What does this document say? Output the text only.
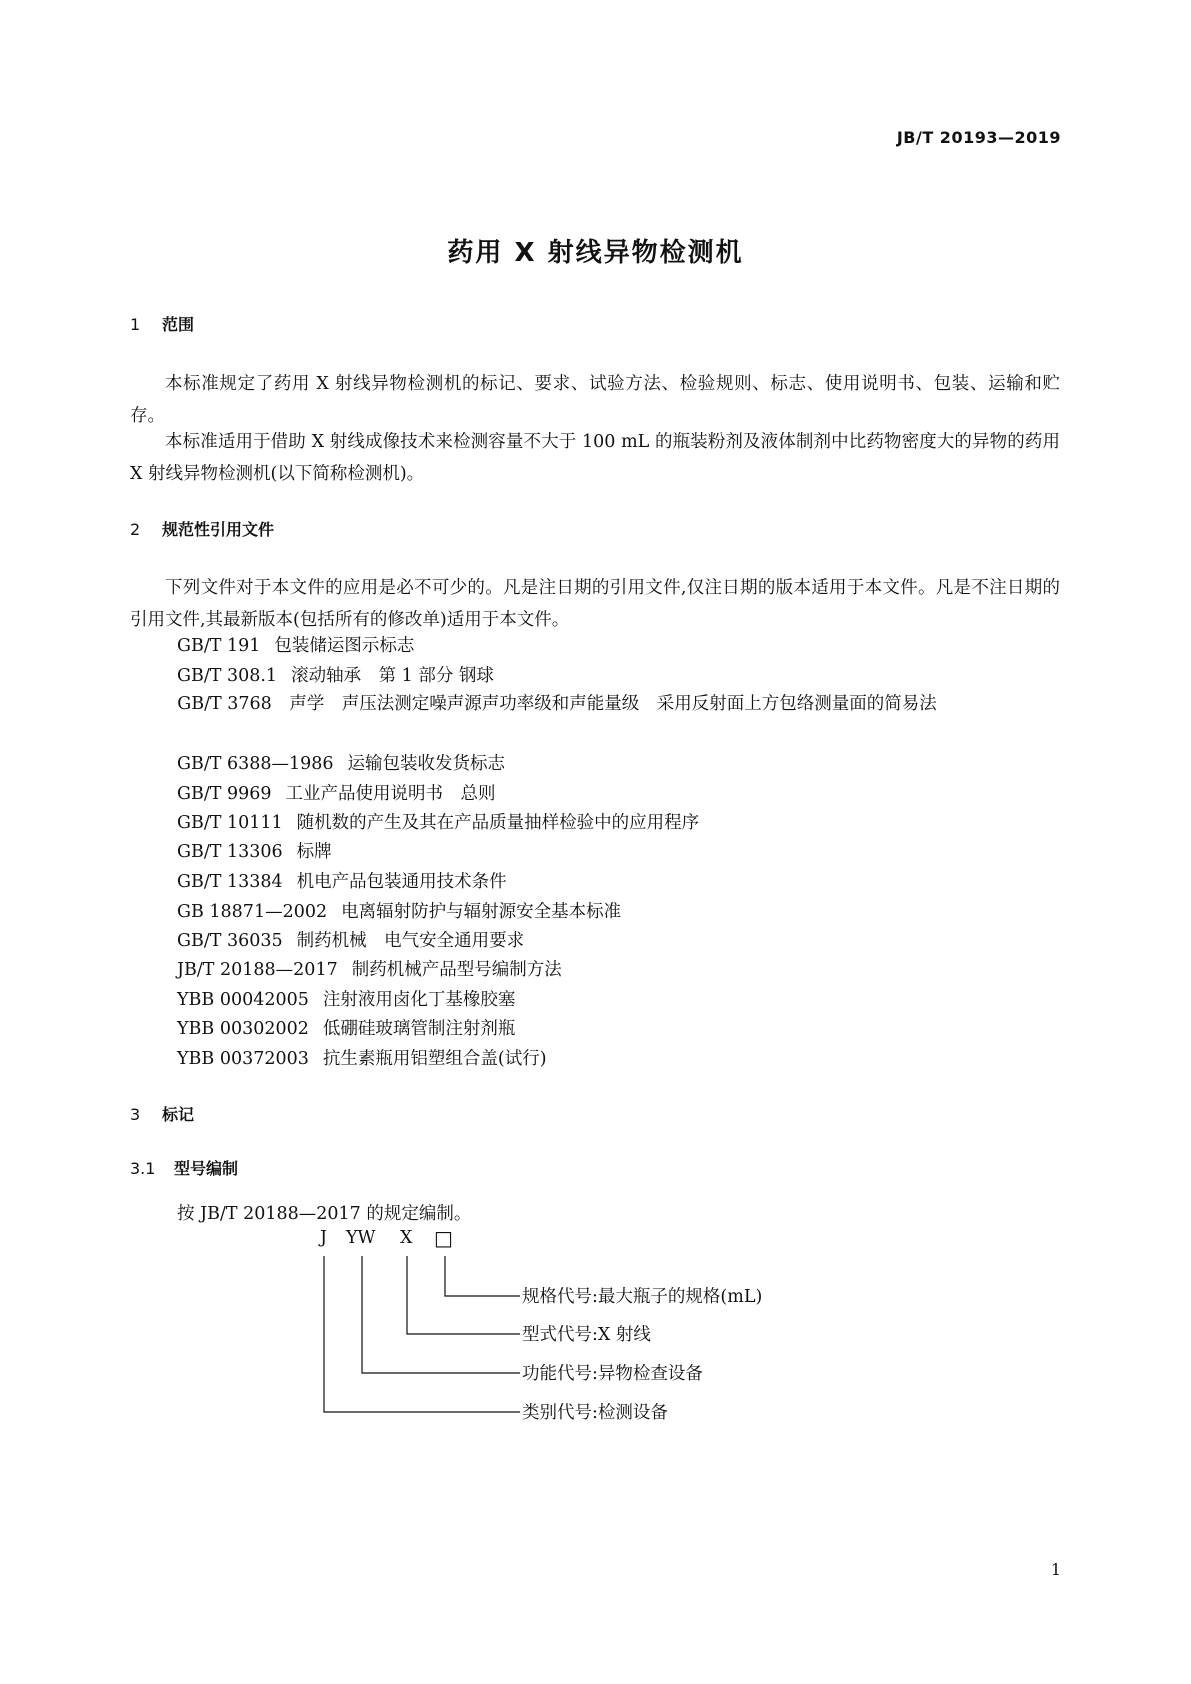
JB/T 20193—2019
药用 X 射线异物检测机
1 范围

本标准规定了药用 X 射线异物检测机的标记、要求、试验方法、检验规则、标志、使用说明书、包装、运输和贮存。

本标准适用于借助 X 射线成像技术来检测容量不大于 100 mL 的瓶装粉剂及液体制剂中比药物密度大的异物的药用 X 射线异物检测机(以下简称检测机)。

2 规范性引用文件

下列文件对于本文件的应用是必不可少的。凡是注日期的引用文件,仅注日期的版本适用于本文件。凡是不注日期的引用文件,其最新版本(包括所有的修改单)适用于本文件。

GB/T 191 包装储运图示标志
GB/T 308.1 滚动轴承　第 1 部分 钢球

GB/T 3768　 声学　声压法测定噪声源声功率级和声能量级　采用反射面上方包络测量面的简易法

GB/T 6388—1986 运输包装收发货标志
GB/T 9969 工业产品使用说明书　总则
GB/T 10111 随机数的产生及其在产品质量抽样检验中的应用程序
GB/T 13306 标牌
GB/T 13384 机电产品包装通用技术条件
GB 18871—2002 电离辐射防护与辐射源安全基本标准
GB/T 36035 制药机械　电气安全通用要求
JB/T 20188—2017 制药机械产品型号编制方法
YBB 00042005 注射液用卤化丁基橡胶塞
YBB 00302002 低硼硅玻璃管制注射剂瓶
YBB 00372003 抗生素瓶用铝塑组合盖(试行)
3 标记
3.1 型号编制
按 JB/T 20188—2017 的规定编制。
J YW X □
规格代号:最大瓶子的规格(mL)
型式代号:X 射线
功能代号:异物检查设备
类别代号:检测设备
1
